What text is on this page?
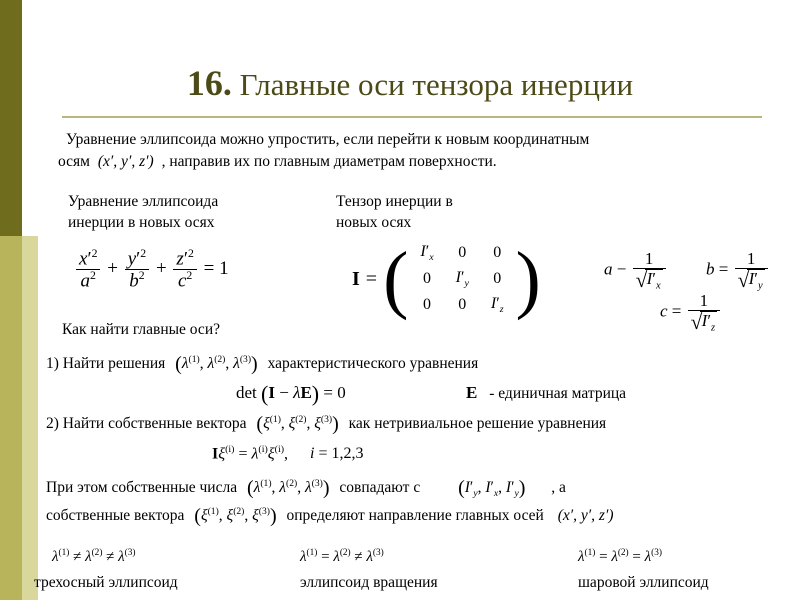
16. Главные оси тензора инерции
Уравнение эллипсоида можно упростить, если перейти к новым координатным
осям (x′, y′, z′) , направив их по главным диаметрам поверхности.
Уравнение эллипсоида
инерции в новых осях
Тензор инерции в
новых осях
$\frac{x'^2}{a^2} + \frac{y'^2}{b^2} + \frac{z'^2}{c^2} = 1$	I = ( $I'_x$	0	0
0	$I'_y$	0
0	0	$I'_z$ )	$a - \frac{1}{√ I'_x}$ $b = \frac{1}{√ I'_y}$
$c = \frac{1}{√ I'_z}$
Как найти главные оси?
1) Найти решения ($\lambda^{(1)}$, $\lambda^{(2)}$, $\lambda^{(3)}$) характеристического уравнения
det (I − λE) = 0	E - единичная матрица
2) Найти собственные вектора ($\xi^{(1)}$, $\xi^{(2)}$, $\xi^{(3)}$) как нетривиальное решение уравнения
$I\xi^{(i)} = \lambda^{(i)}\xi^{(i)}$, i = 1,2,3
При этом собственные числа ($\lambda^{(1)}$, $\lambda^{(2)}$, $\lambda^{(3)}$) совпадают с ($I'_y$, $I'_x$, $I'_y$) , а
собственные вектора ($\xi^{(1)}$, $\xi^{(2)}$, $\xi^{(3)}$) определяют направление главных осей (x′, y′, z′)
$\lambda^{(1)} \ne \lambda^{(2)} \ne \lambda^{(3)}$
трехосный эллипсоид
$\lambda^{(1)} = \lambda^{(2)} \ne \lambda^{(3)}$
эллипсоид вращения
$\lambda^{(1)} = \lambda^{(2)} = \lambda^{(3)}$
шаровой эллипсоид
